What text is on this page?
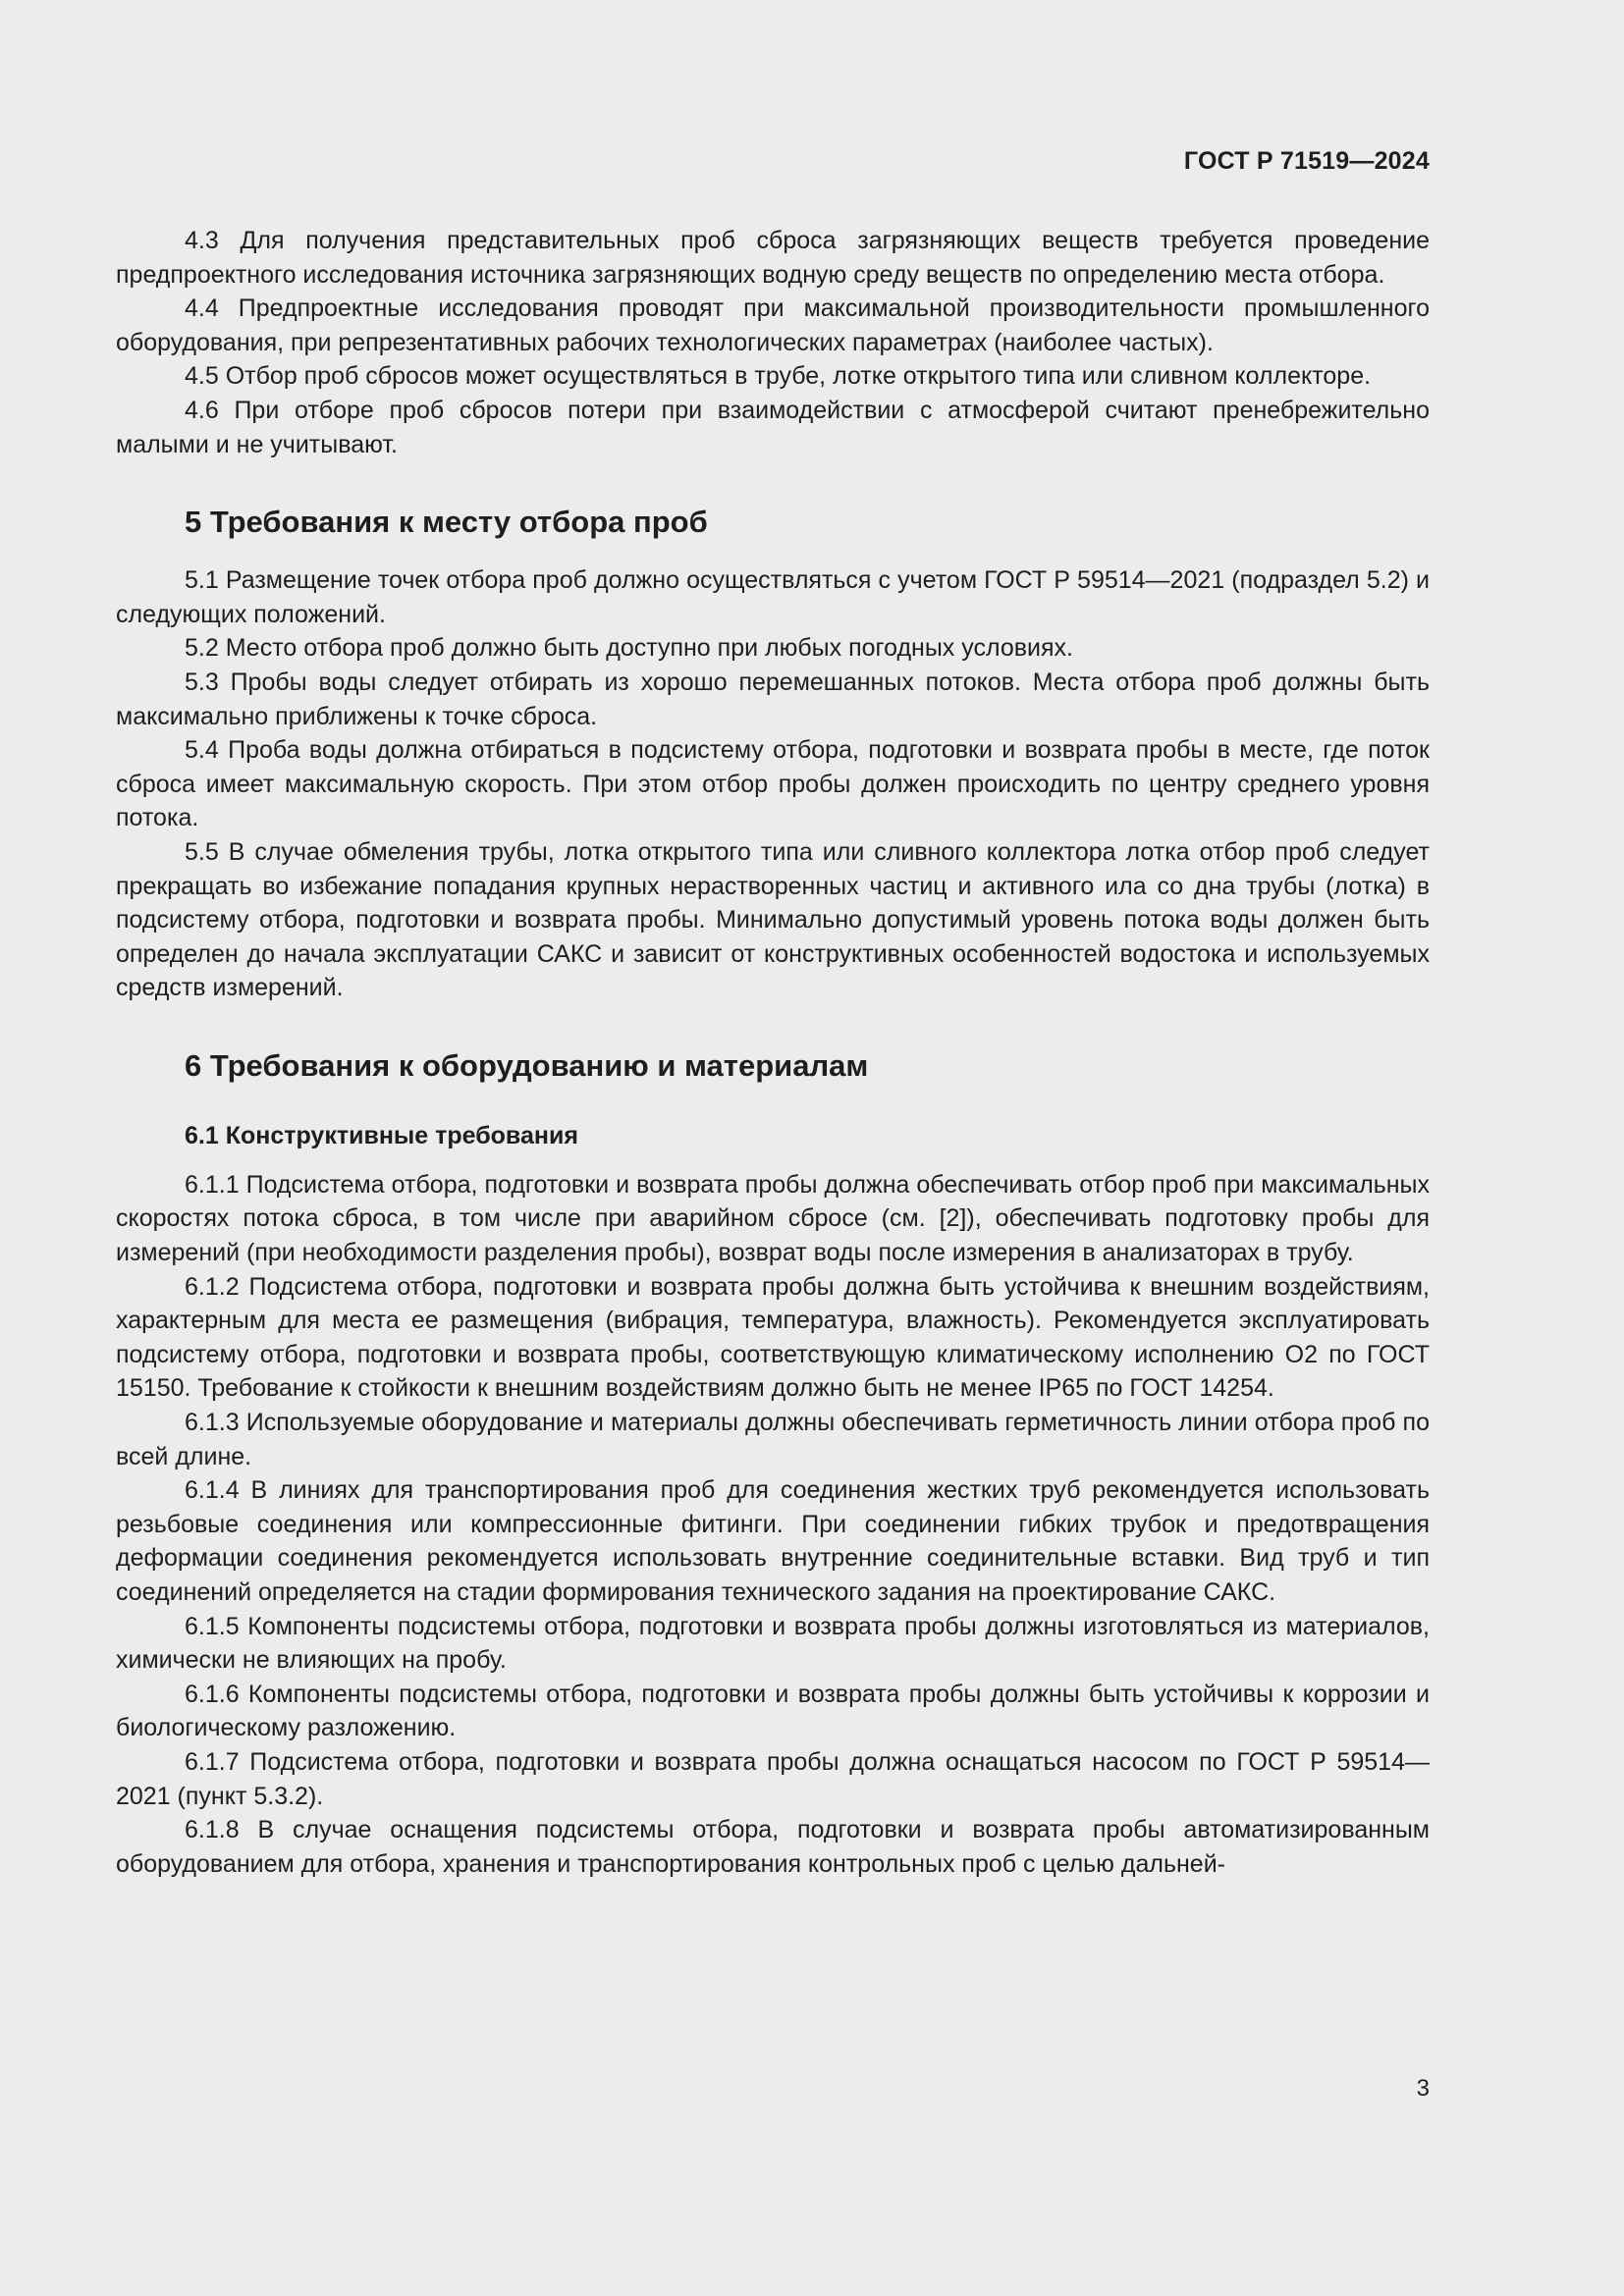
ГОСТ Р 71519—2024

4.3 Для получения представительных проб сброса загрязняющих веществ требуется проведение предпроектного исследования источника загрязняющих водную среду веществ по определению места отбора.

4.4 Предпроектные исследования проводят при максимальной производительности промышленного оборудования, при репрезентативных рабочих технологических параметрах (наиболее частых).

4.5 Отбор проб сбросов может осуществляться в трубе, лотке открытого типа или сливном коллекторе.

4.6 При отборе проб сбросов потери при взаимодействии с атмосферой считают пренебрежительно малыми и не учитывают.

5 Требования к месту отбора проб

5.1 Размещение точек отбора проб должно осуществляться с учетом ГОСТ Р 59514—2021 (подраздел 5.2) и следующих положений.

5.2 Место отбора проб должно быть доступно при любых погодных условиях.

5.3 Пробы воды следует отбирать из хорошо перемешанных потоков. Места отбора проб должны быть максимально приближены к точке сброса.

5.4 Проба воды должна отбираться в подсистему отбора, подготовки и возврата пробы в месте, где поток сброса имеет максимальную скорость. При этом отбор пробы должен происходить по центру среднего уровня потока.

5.5 В случае обмеления трубы, лотка открытого типа или сливного коллектора лотка отбор проб следует прекращать во избежание попадания крупных нерастворенных частиц и активного ила со дна трубы (лотка) в подсистему отбора, подготовки и возврата пробы. Минимально допустимый уровень потока воды должен быть определен до начала эксплуатации САКС и зависит от конструктивных особенностей водостока и используемых средств измерений.

6 Требования к оборудованию и материалам
6.1 Конструктивные требования

6.1.1 Подсистема отбора, подготовки и возврата пробы должна обеспечивать отбор проб при максимальных скоростях потока сброса, в том числе при аварийном сбросе (см. [2]), обеспечивать подготовку пробы для измерений (при необходимости разделения пробы), возврат воды после измерения в анализаторах в трубу.

6.1.2 Подсистема отбора, подготовки и возврата пробы должна быть устойчива к внешним воздействиям, характерным для места ее размещения (вибрация, температура, влажность). Рекомендуется эксплуатировать подсистему отбора, подготовки и возврата пробы, соответствующую климатическому исполнению О2 по ГОСТ 15150. Требование к стойкости к внешним воздействиям должно быть не менее IP65 по ГОСТ 14254.

6.1.3 Используемые оборудование и материалы должны обеспечивать герметичность линии отбора проб по всей длине.

6.1.4 В линиях для транспортирования проб для соединения жестких труб рекомендуется использовать резьбовые соединения или компрессионные фитинги. При соединении гибких трубок и предотвращения деформации соединения рекомендуется использовать внутренние соединительные вставки. Вид труб и тип соединений определяется на стадии формирования технического задания на проектирование САКС.

6.1.5 Компоненты подсистемы отбора, подготовки и возврата пробы должны изготовляться из материалов, химически не влияющих на пробу.

6.1.6 Компоненты подсистемы отбора, подготовки и возврата пробы должны быть устойчивы к коррозии и биологическому разложению.

6.1.7 Подсистема отбора, подготовки и возврата пробы должна оснащаться насосом по ГОСТ Р 59514—2021 (пункт 5.3.2).

6.1.8 В случае оснащения подсистемы отбора, подготовки и возврата пробы автоматизированным оборудованием для отбора, хранения и транспортирования контрольных проб с целью дальней-

3
